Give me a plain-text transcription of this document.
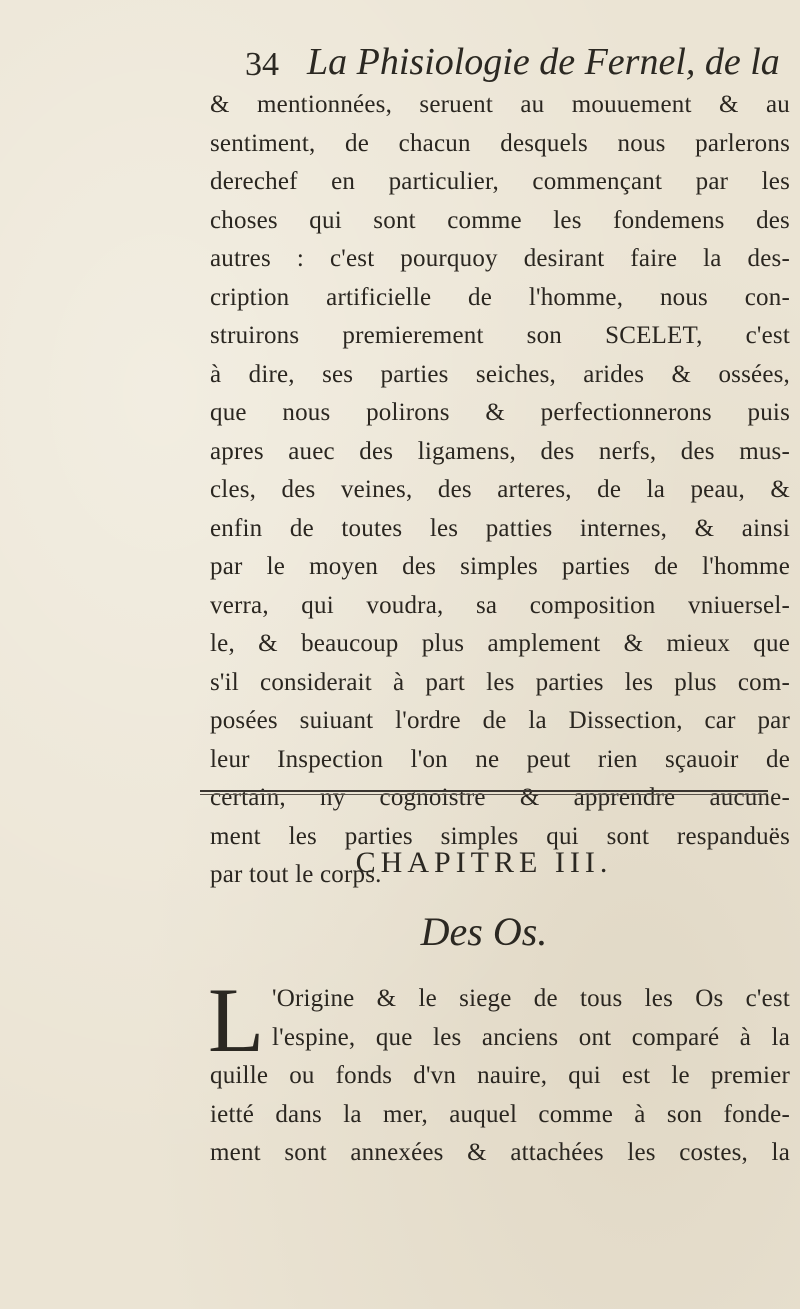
34 La Phisiologie de Fernel, de la
& mentionnées, seruent au mouuement & au
sentiment, de chacun desquels nous parlerons
derechef en particulier, commençant par les
choses qui sont comme les fondemens des
autres : c'est pourquoy desirant faire la des-
cription artificielle de l'homme, nous con-
struirons premierement son SCELET, c'est
à dire, ses parties seiches, arides & ossées,
que nous polirons & perfectionnerons puis
apres auec des ligamens, des nerfs, des mus-
cles, des veines, des arteres, de la peau, &
enfin de toutes les patties internes, & ainsi
par le moyen des simples parties de l'homme
verra, qui voudra, sa composition vniuersel-
le, & beaucoup plus amplement & mieux que
s'il considerait à part les parties les plus com-
posées suiuant l'ordre de la Dissection, car par
leur Inspection l'on ne peut rien sçauoir de
certain, ny cognoistre & apprendre aucune-
ment les parties simples qui sont respanduës
par tout le corps.
CHAPITRE III.
Des Os.
L 'Origine & le siege de tous les Os c'est
l'espine, que les anciens ont comparé à la
quille ou fonds d'vn nauire, qui est le premier
ietté dans la mer, auquel comme à son fonde-
ment sont annexées & attachées les costes, la
